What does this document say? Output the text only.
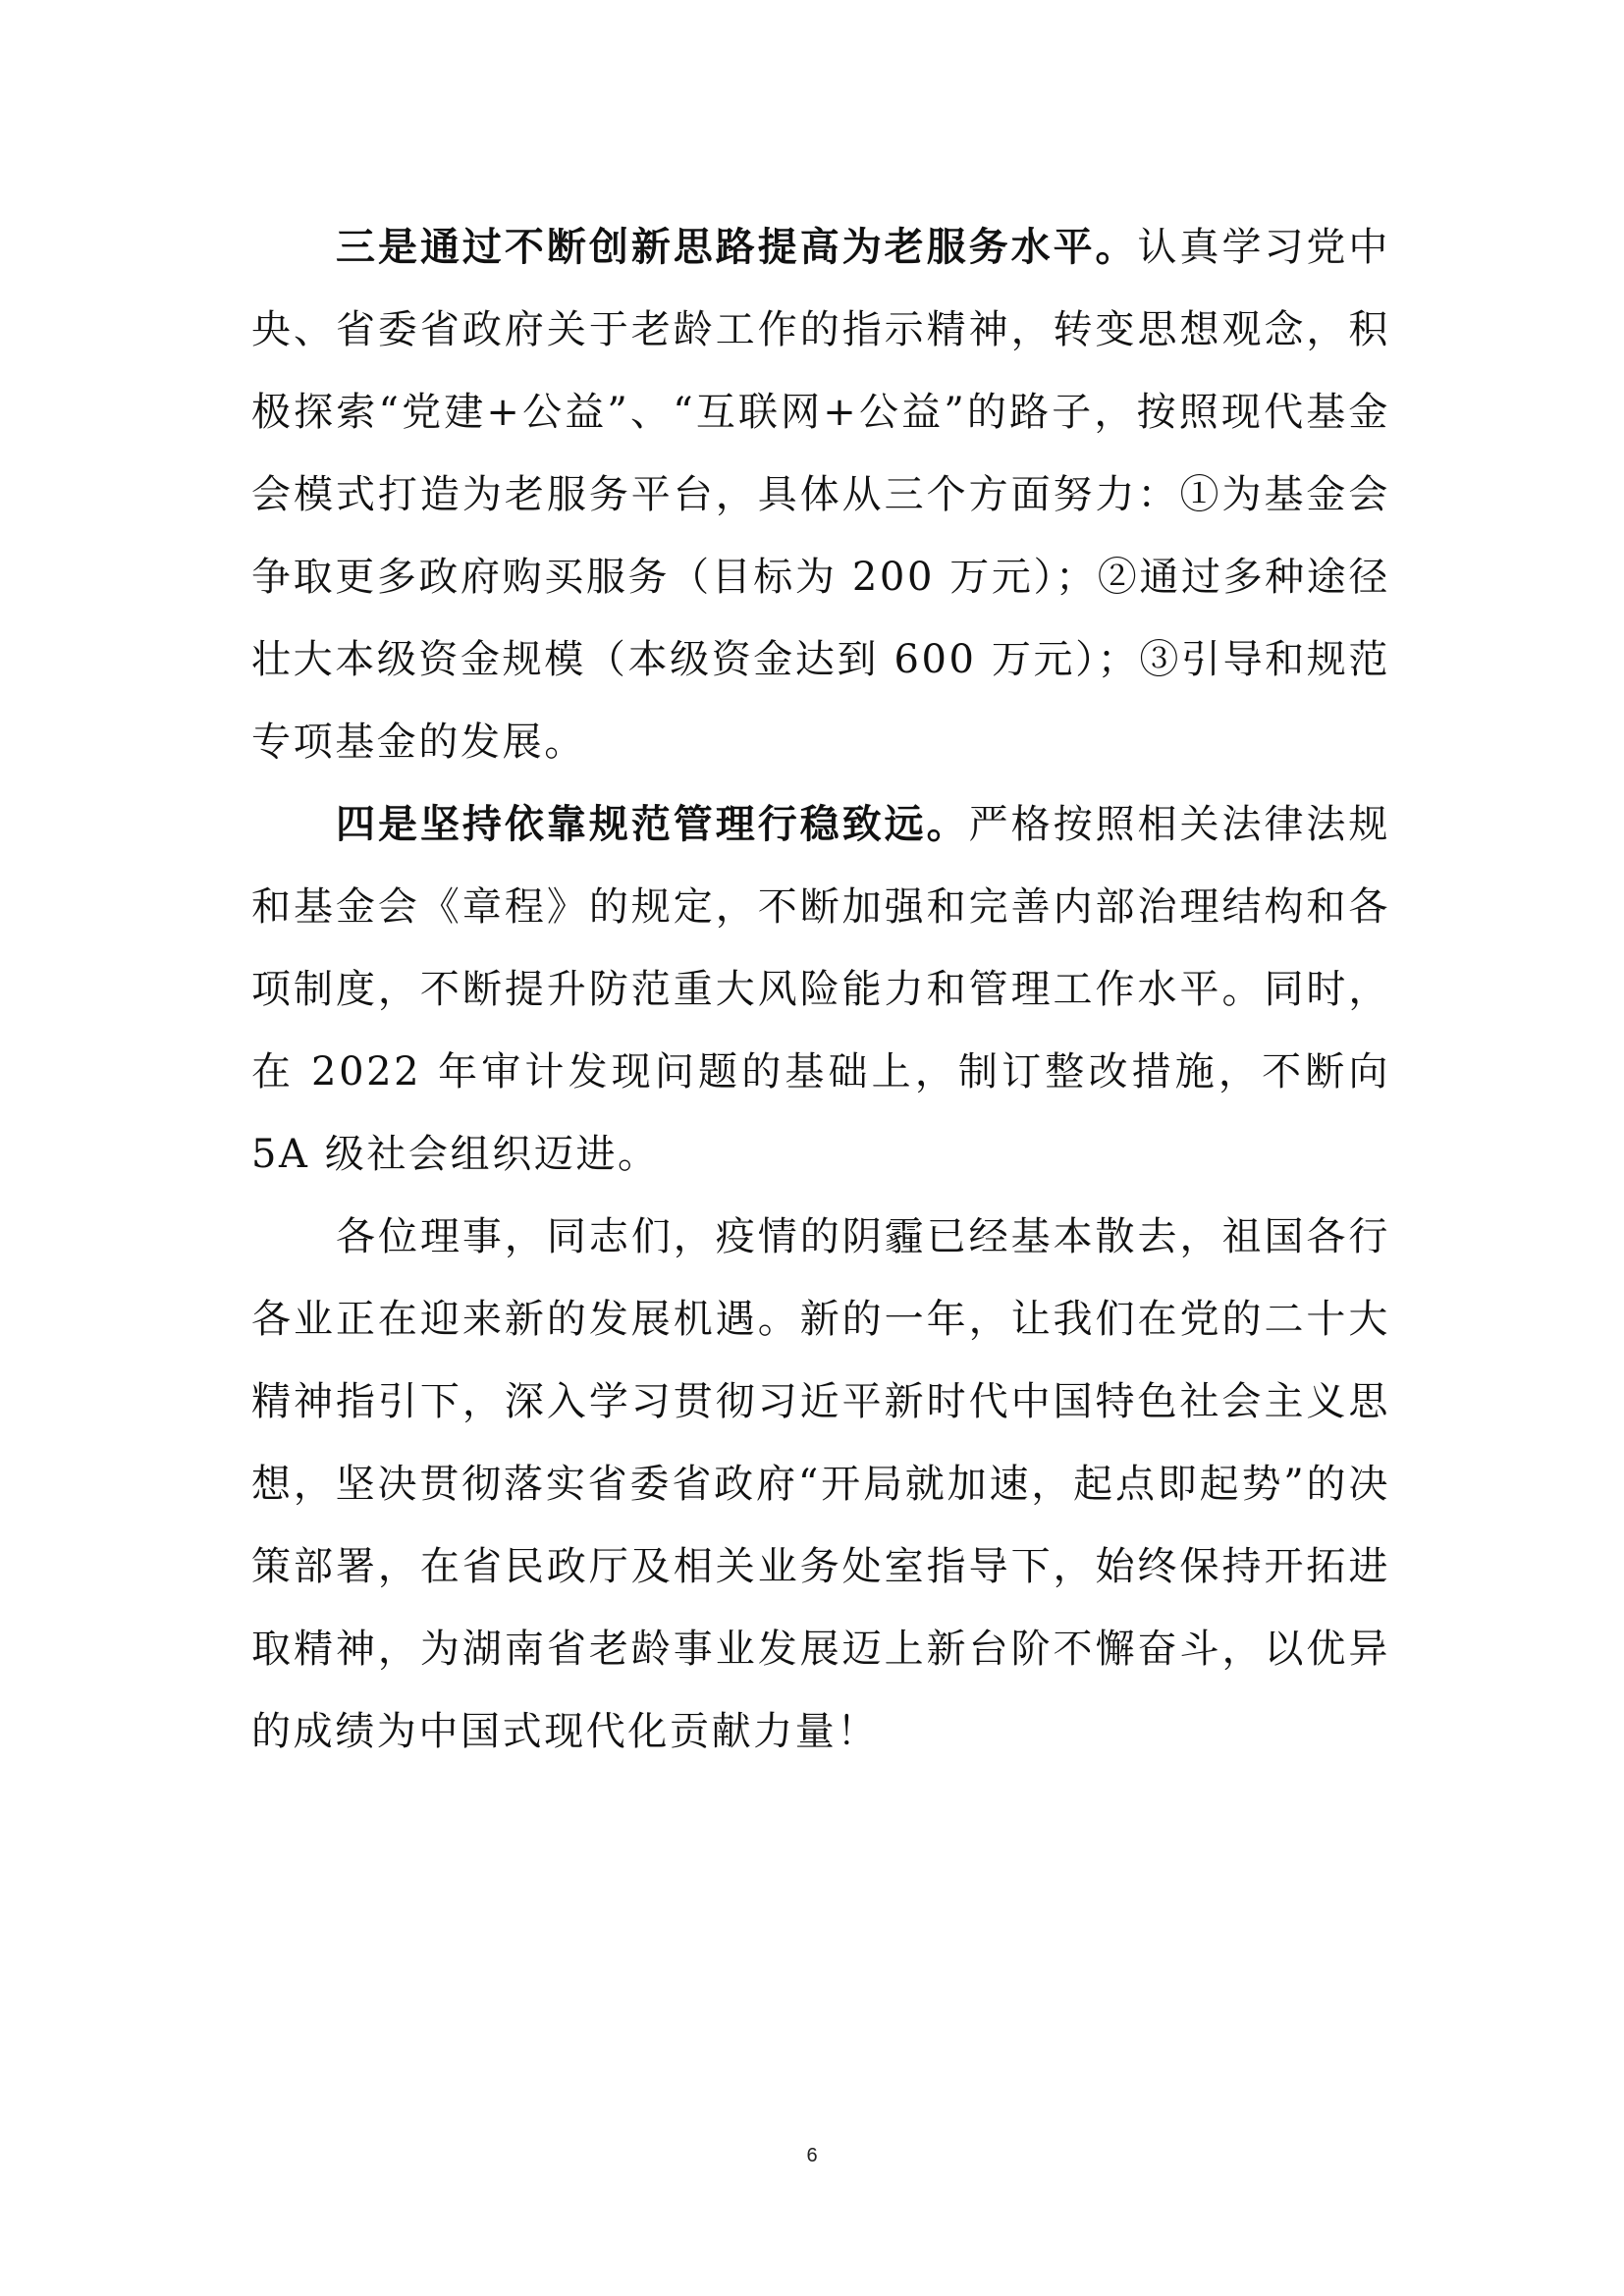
三是通过不断创新思路提高为老服务水平。认真学习党中央、省委省政府关于老龄工作的指示精神，转变思想观念，积极探索“党建+公益”、“互联网+公益”的路子，按照现代基金会模式打造为老服务平台，具体从三个方面努力：①为基金会争取更多政府购买服务（目标为 200 万元）；②通过多种途径壮大本级资金规模（本级资金达到 600 万元）；③引导和规范专项基金的发展。

四是坚持依靠规范管理行稳致远。严格按照相关法律法规和基金会《章程》的规定，不断加强和完善内部治理结构和各项制度，不断提升防范重大风险能力和管理工作水平。同时，在 2022 年审计发现问题的基础上，制订整改措施，不断向 5A 级社会组织迈进。

各位理事，同志们，疫情的阴霾已经基本散去，祖国各行各业正在迎来新的发展机遇。新的一年，让我们在党的二十大精神指引下，深入学习贯彻习近平新时代中国特色社会主义思想，坚决贯彻落实省委省政府“开局就加速，起点即起势”的决策部署，在省民政厅及相关业务处室指导下，始终保持开拓进取精神，为湖南省老龄事业发展迈上新台阶不懈奋斗，以优异的成绩为中国式现代化贡献力量！

6
